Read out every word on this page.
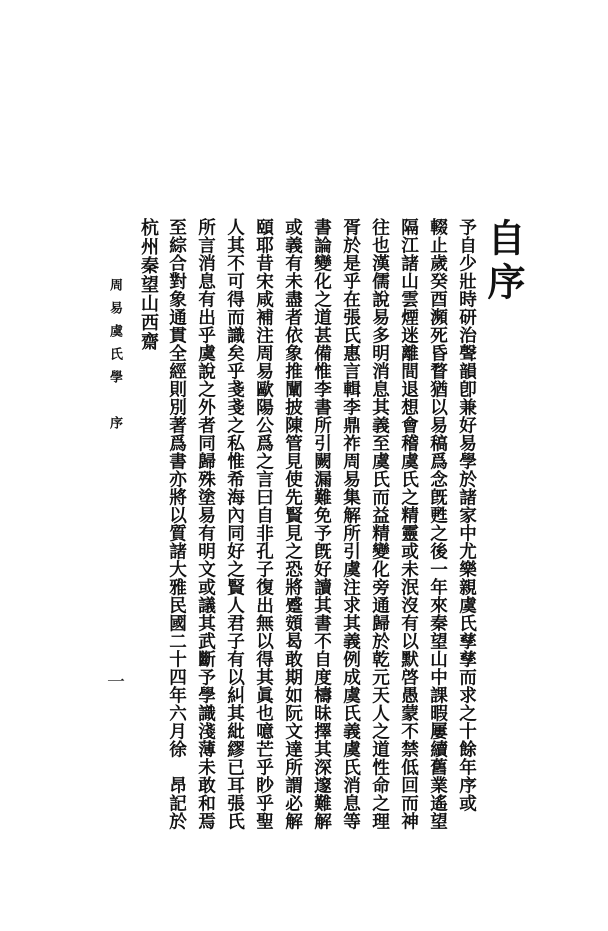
自序
予自少壯時研治聲韻卽兼好易學於諸家中尤樂親虞氏孳孳而求之十餘年序或
輟止歲癸酉瀕死昏瞀猶以易稿爲念旣甦之後一年來秦望山中課暇屢續舊業遙望
隔江諸山雲煙迷離間退想會稽虞氏之精靈或未泯沒有以默啓愚蒙不禁低回而神
往也漢儒說易多明消息其義至虞氏而益精變化旁通歸於乾元天人之道性命之理
胥於是乎在張氏惠言輯李鼎祚周易集解所引虞注求其義例成虞氏義虞氏消息等
書論變化之道甚備惟李書所引闕漏難免予旣好讀其書不自度檮昧擇其深邃難解
或義有未盡者依象推闡披陳管見使先賢見之恐將蹙頞曷敢期如阮文達所謂必解
頤耶昔宋咸補注周易歐陽公爲之言曰自非孔子復出無以得其眞也噫芒乎眇乎聖
人其不可得而識矣乎戔戔之私惟希海內同好之賢人君子有以糾其紕繆已耳張氏
所言消息有出乎虞說之外者同歸殊塗易有明文或議其武斷予學識淺薄未敢和焉
至綜合對象通貫全經則別著爲書亦將以質諸大雅民國二十四年六月徐　昂記於
杭州秦望山西齋
周易虞氏學　序
一
